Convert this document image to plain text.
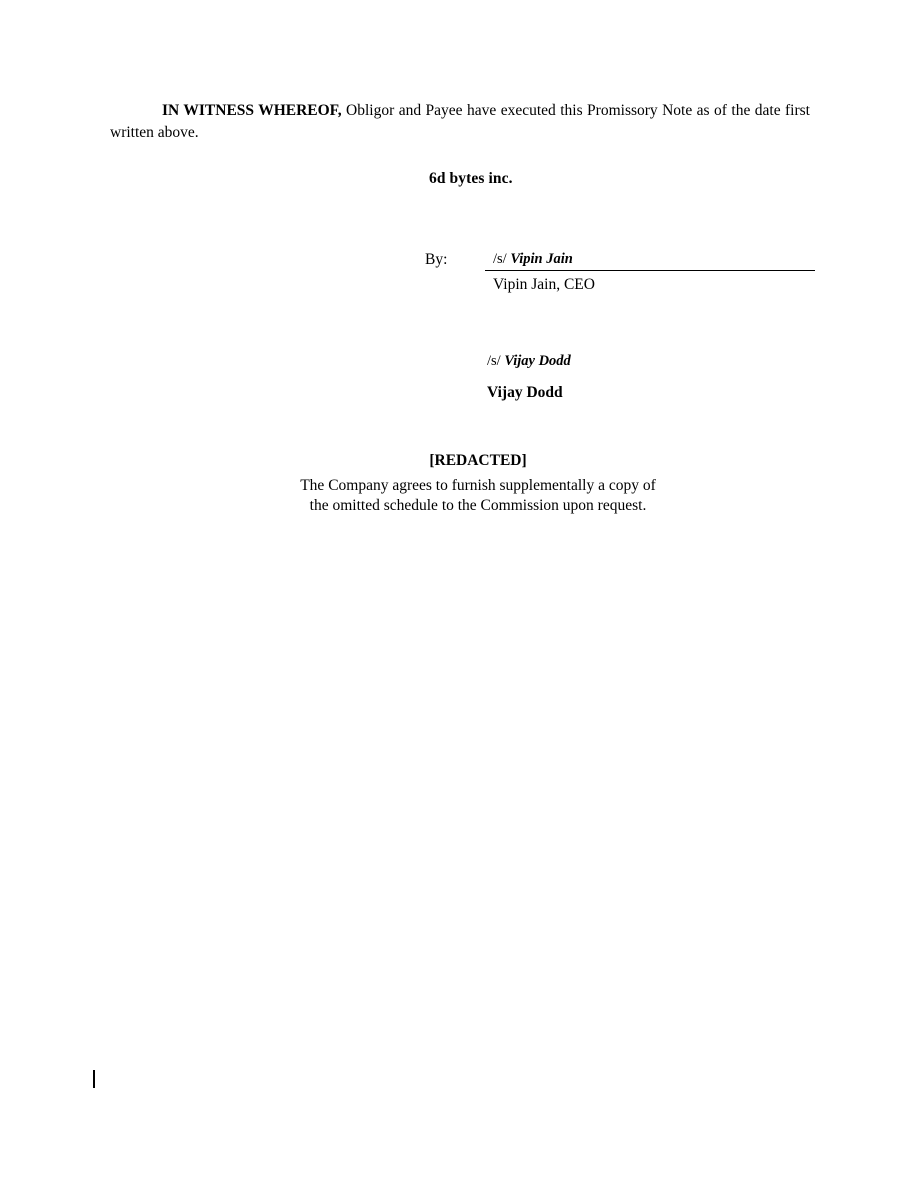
IN WITNESS WHEREOF, Obligor and Payee have executed this Promissory Note as of the date first written above.

6d bytes inc.
By:	/s/ Vipin Jain
Vipin Jain, CEO
/s/ Vijay Dodd
Vijay Dodd

[REDACTED]

The Company agrees to furnish supplementally a copy of

the omitted schedule to the Commission upon request.
